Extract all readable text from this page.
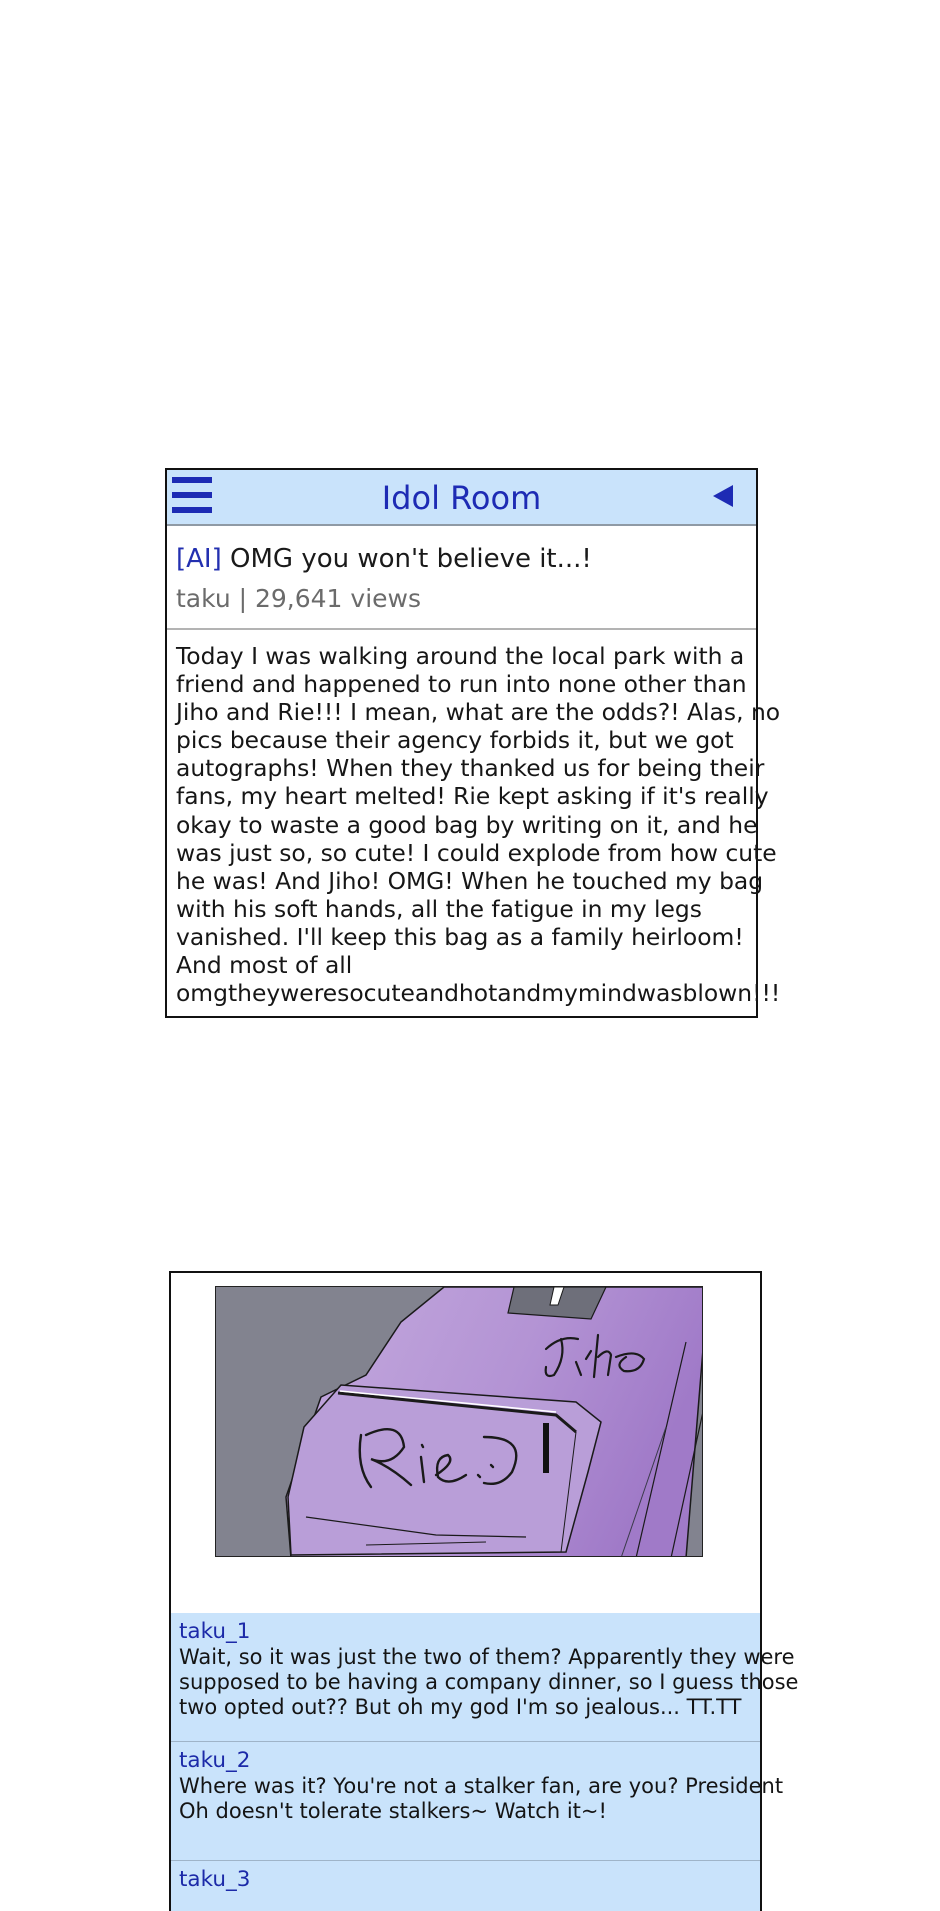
Idol Room
[AI] OMG you won't believe it...!
taku | 29,641 views
Today I was walking around the local park with a
friend and happened to run into none other than
Jiho and Rie!!! I mean, what are the odds?! Alas, no
pics because their agency forbids it, but we got
autographs! When they thanked us for being their
fans, my heart melted! Rie kept asking if it's really
okay to waste a good bag by writing on it, and he
was just so, so cute! I could explode from how cute
he was! And Jiho! OMG! When he touched my bag
with his soft hands, all the fatigue in my legs
vanished. I'll keep this bag as a family heirloom!
And most of all
omgtheyweresocuteandhotandmymindwasblown!!!
taku_1
Wait, so it was just the two of them? Apparently they were
supposed to be having a company dinner, so I guess those
two opted out?? But oh my god I'm so jealous... TT.TT
taku_2
Where was it? You're not a stalker fan, are you? President
Oh doesn't tolerate stalkers~ Watch it~!
taku_3
